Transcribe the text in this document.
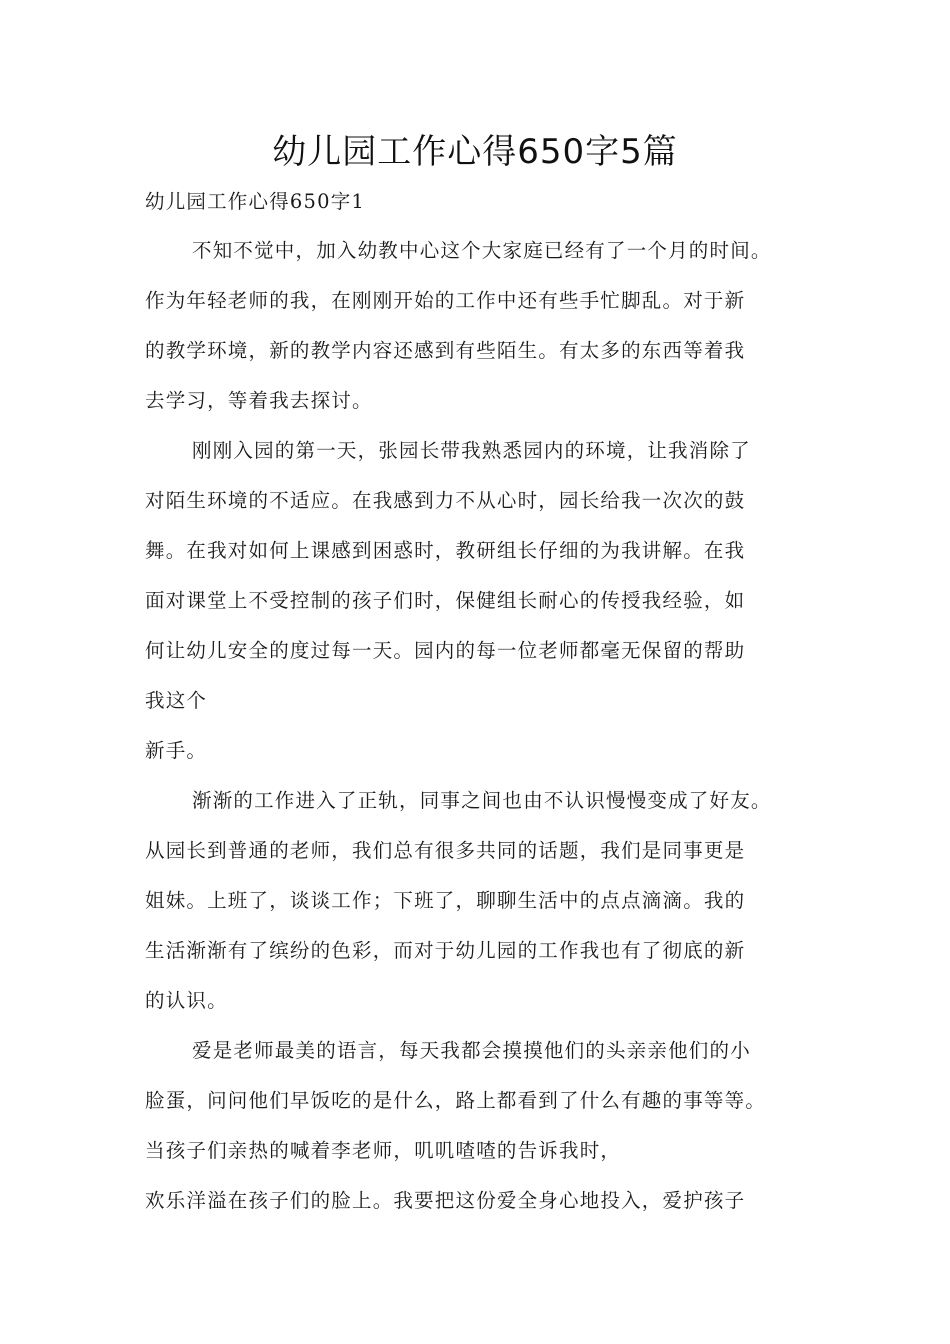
幼儿园工作心得650字5篇
幼儿园工作心得650字1
不知不觉中，加入幼教中心这个大家庭已经有了一个月的时间。
作为年轻老师的我，在刚刚开始的工作中还有些手忙脚乱。对于新
的教学环境，新的教学内容还感到有些陌生。有太多的东西等着我
去学习，等着我去探讨。
刚刚入园的第一天，张园长带我熟悉园内的环境，让我消除了
对陌生环境的不适应。在我感到力不从心时，园长给我一次次的鼓
舞。在我对如何上课感到困惑时，教研组长仔细的为我讲解。在我
面对课堂上不受控制的孩子们时，保健组长耐心的传授我经验，如
何让幼儿安全的度过每一天。园内的每一位老师都毫无保留的帮助
我这个
新手。
渐渐的工作进入了正轨，同事之间也由不认识慢慢变成了好友。
从园长到普通的老师，我们总有很多共同的话题，我们是同事更是
姐妹。上班了，谈谈工作；下班了，聊聊生活中的点点滴滴。我的
生活渐渐有了缤纷的色彩，而对于幼儿园的工作我也有了彻底的新
的认识。
爱是老师最美的语言，每天我都会摸摸他们的头亲亲他们的小
脸蛋，问问他们早饭吃的是什么，路上都看到了什么有趣的事等等。
当孩子们亲热的喊着李老师，叽叽喳喳的告诉我时，
欢乐洋溢在孩子们的脸上。我要把这份爱全身心地投入，爱护孩子
